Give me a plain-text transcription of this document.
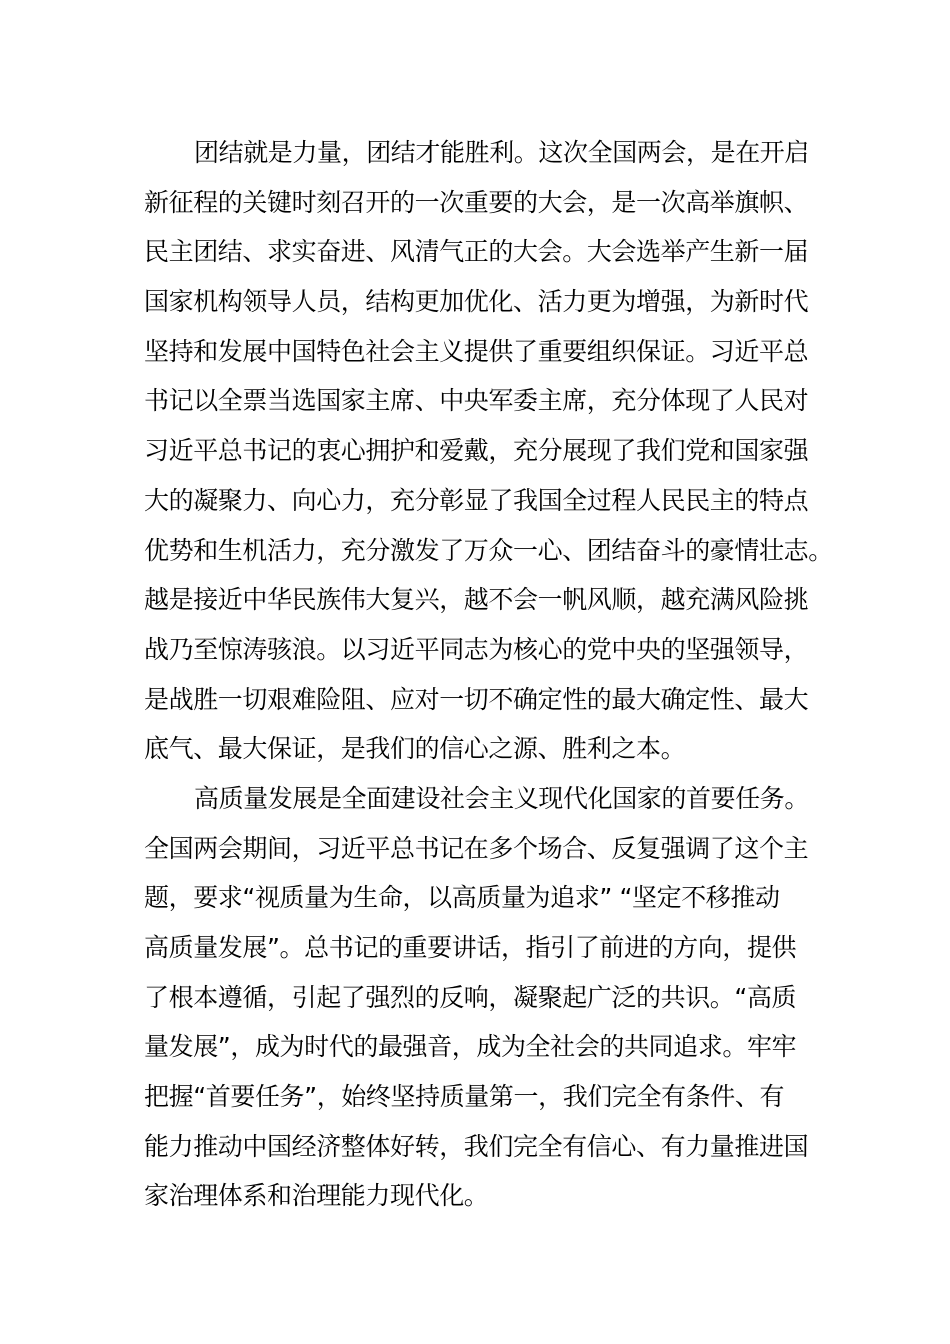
团结就是力量，团结才能胜利。这次全国两会，是在开启
新征程的关键时刻召开的一次重要的大会，是一次高举旗帜、
民主团结、求实奋进、风清气正的大会。大会选举产生新一届
国家机构领导人员，结构更加优化、活力更为增强，为新时代
坚持和发展中国特色社会主义提供了重要组织保证。习近平总
书记以全票当选国家主席、中央军委主席，充分体现了人民对
习近平总书记的衷心拥护和爱戴，充分展现了我们党和国家强
大的凝聚力、向心力，充分彰显了我国全过程人民民主的特点
优势和生机活力，充分激发了万众一心、团结奋斗的豪情壮志。
越是接近中华民族伟大复兴，越不会一帆风顺，越充满风险挑
战乃至惊涛骇浪。以习近平同志为核心的党中央的坚强领导，
是战胜一切艰难险阻、应对一切不确定性的最大确定性、最大
底气、最大保证，是我们的信心之源、胜利之本。
高质量发展是全面建设社会主义现代化国家的首要任务。
全国两会期间，习近平总书记在多个场合、反复强调了这个主
题，要求“视质量为生命，以高质量为追求” “坚定不移推动
高质量发展”。总书记的重要讲话，指引了前进的方向，提供
了根本遵循，引起了强烈的反响，凝聚起广泛的共识。“高质
量发展”，成为时代的最强音，成为全社会的共同追求。牢牢
把握“首要任务”，始终坚持质量第一，我们完全有条件、有
能力推动中国经济整体好转，我们完全有信心、有力量推进国
家治理体系和治理能力现代化。
